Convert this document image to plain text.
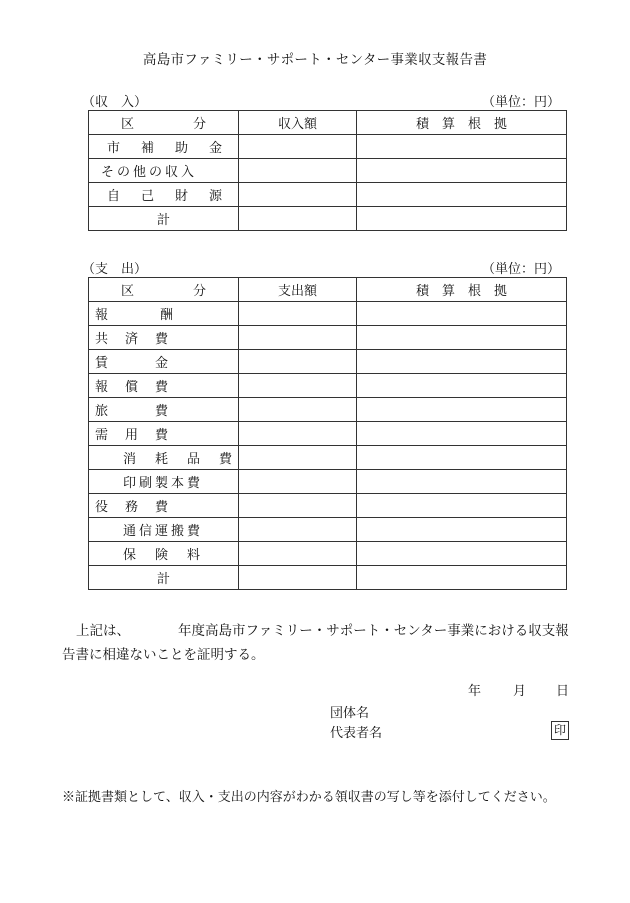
高島市ファミリー・サポート・センター事業収支報告書
（収　入）	（単位：円）
区 分	収入額	積　算　根　拠

市　補　助　金		

その他の収入		

自　己　財　源		

計		

（支　出）	（単位：円）
区 分	支出額	積　算　根　拠

報　　　　酬		

共　済　費		

賃　　　金		

報　償　費		

旅　　　費		

需　用　費		

消　耗　品　費		

印刷製本費		

役　務　費		

通信運搬費		

保　険　料		

計		

上記は、	年度高島市ファミリー・サポート・センター事業における収支報
告書に相違ないことを証明する。
年 月 日
団体名
代表者名	印
※証拠書類として、収入・支出の内容がわかる領収書の写し等を添付してください。
